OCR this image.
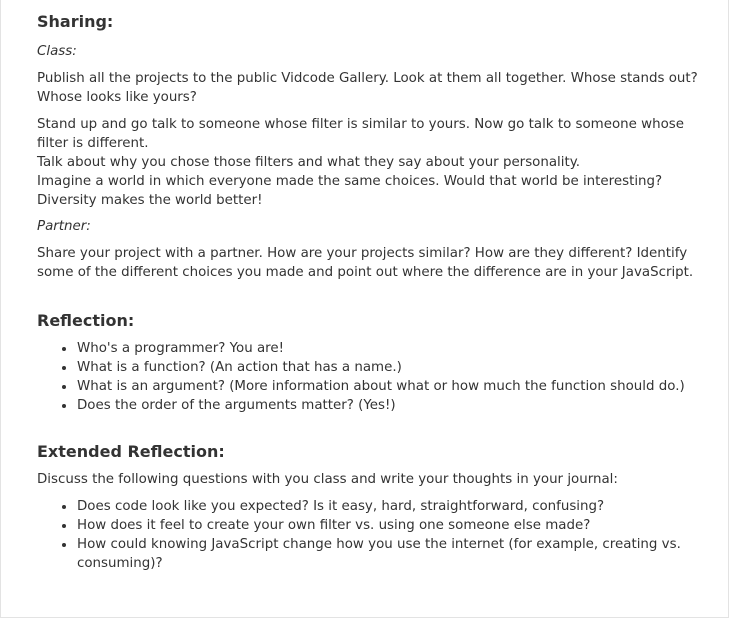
Sharing:

Class:

Publish all the projects to the public Vidcode Gallery. Look at them all together. Whose stands out? Whose looks like yours?

Stand up and go talk to someone whose filter is similar to yours. Now go talk to someone whose filter is different.

Talk about why you chose those filters and what they say about your personality.

Imagine a world in which everyone made the same choices. Would that world be interesting?

Diversity makes the world better!

Partner:

Share your project with a partner. How are your projects similar? How are they different? Identify some of the different choices you made and point out where the difference are in your JavaScript.

Reflection:
• Who's a programmer? You are!
• What is a function? (An action that has a name.)
• What is an argument? (More information about what or how much the function should do.)
• Does the order of the arguments matter? (Yes!)
Extended Reflection:

Discuss the following questions with you class and write your thoughts in your journal:

• Does code look like you expected? Is it easy, hard, straightforward, confusing?
• How does it feel to create your own filter vs. using one someone else made?
• How could knowing JavaScript change how you use the internet (for example, creating vs. consuming)?
